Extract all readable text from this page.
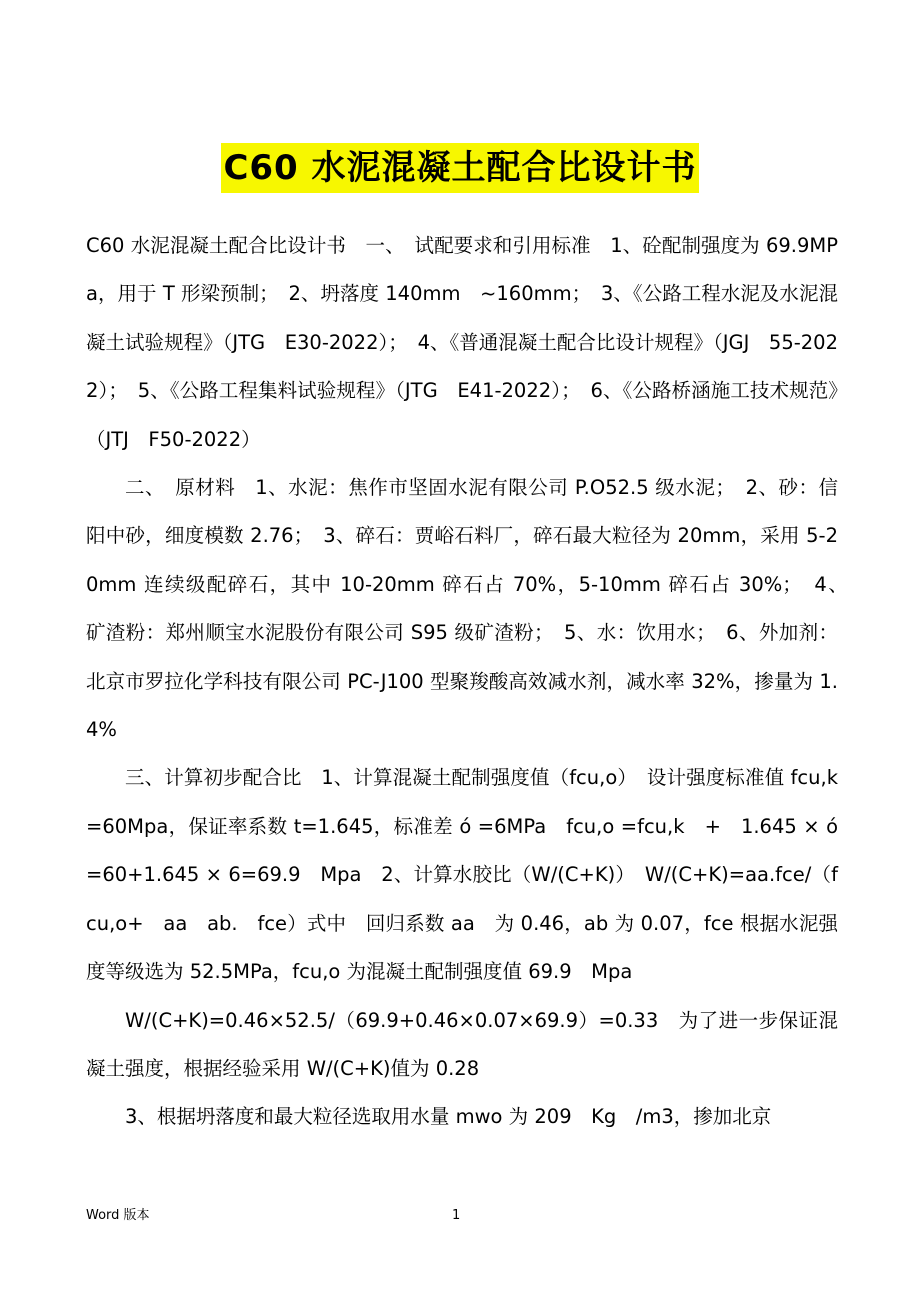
C60 水泥混凝土配合比设计书

C60 水泥混凝土配合比设计书　一、　试配要求和引用标准　1、砼配制强度为 69.9MPa，用于 T 形梁预制；　2、坍落度 140mm　~160mm；　3、《公路工程水泥及水泥混凝土试验规程》（JTG　E30-2022）；　4、《普通混凝土配合比设计规程》（JGJ　55-2022）；　5、《公路工程集料试验规程》（JTG　E41-2022）；　6、《公路桥涵施工技术规范》（JTJ　F50-2022）

二、　原材料　1、水泥：焦作市坚固水泥有限公司 P.O52.5 级水泥；　2、砂：信阳中砂，细度模数 2.76；　3、碎石：贾峪石料厂，碎石最大粒径为 20mm，采用 5-20mm 连续级配碎石，其中 10-20mm 碎石占 70%，5-10mm 碎石占 30%；　4、　矿渣粉：郑州顺宝水泥股份有限公司 S95 级矿渣粉；　5、水：饮用水；　6、外加剂：北京市罗拉化学科技有限公司 PC-J100 型聚羧酸高效减水剂，减水率 32%，掺量为 1.4%

三、计算初步配合比　1、计算混凝土配制强度值（fcu,o）　设计强度标准值 fcu,k=60Mpa，保证率系数 t=1.645，标准差 ó =6MPa　fcu,o =fcu,k　+　1.645 × ó =60+1.645 × 6=69.9　Mpa　2、计算水胶比（W/(C+K)）　W/(C+K)=aa.fce/（fcu,o+　aa　ab.　fce）式中　回归系数 aa　为 0.46，ab 为 0.07，fce 根据水泥强度等级选为 52.5MPa，fcu,o 为混凝土配制强度值 69.9　Mpa

W/(C+K)=0.46×52.5/（69.9+0.46×0.07×69.9）=0.33　为了进一步保证混凝土强度，根据经验采用 W/(C+K)值为 0.28

3、根据坍落度和最大粒径选取用水量 mwo 为 209　Kg　/m3，掺加北京

Word 版本	1
